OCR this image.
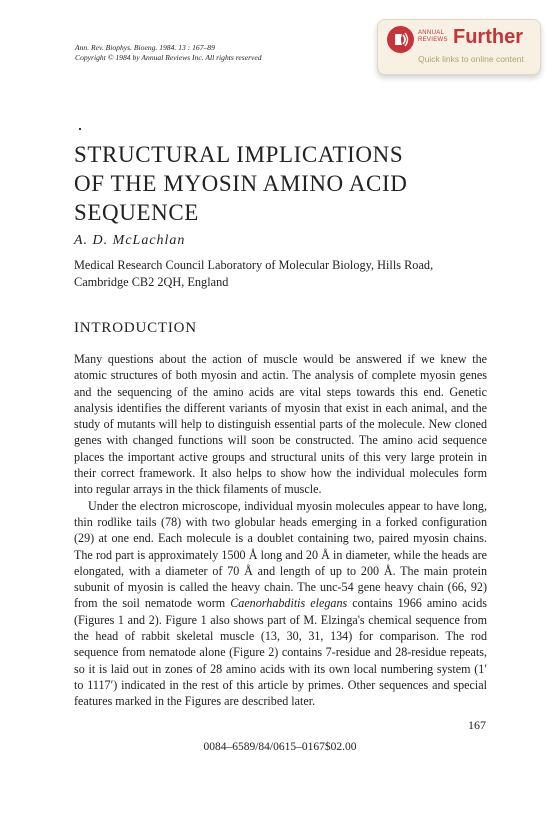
Ann. Rev. Biophys. Bioeng. 1984. 13 : 167–89
Copyright © 1984 by Annual Reviews Inc. All rights reserved
ANNUAL
REVIEWS Further
Quick links to online content
STRUCTURAL IMPLICATIONS
OF THE MYOSIN AMINO ACID
SEQUENCE
A. D. McLachlan
Medical Research Council Laboratory of Molecular Biology, Hills Road,
Cambridge CB2 2QH, England
INTRODUCTION

Many questions about the action of muscle would be answered if we knew the atomic structures of both myosin and actin. The analysis of complete myosin genes and the sequencing of the amino acids are vital steps towards this end. Genetic analysis identifies the different variants of myosin that exist in each animal, and the study of mutants will help to distinguish essential parts of the molecule. New cloned genes with changed functions will soon be constructed. The amino acid sequence places the important active groups and structural units of this very large protein in their correct framework. It also helps to show how the individual molecules form into regular arrays in the thick filaments of muscle.

Under the electron microscope, individual myosin molecules appear to have long, thin rodlike tails (78) with two globular heads emerging in a forked configuration (29) at one end. Each molecule is a doublet containing two, paired myosin chains. The rod part is approximately 1500 Å long and 20 Å in diameter, while the heads are elongated, with a diameter of 70 Å and length of up to 200 Å. The main protein subunit of myosin is called the heavy chain. The unc-54 gene heavy chain (66, 92) from the soil nematode worm Caenorhabditis elegans contains 1966 amino acids (Figures 1 and 2). Figure 1 also shows part of M. Elzinga's chemical sequence from the head of rabbit skeletal muscle (13, 30, 31, 134) for comparison. The rod sequence from nematode alone (Figure 2) contains 7-residue and 28-residue repeats, so it is laid out in zones of 28 amino acids with its own local numbering system (1′ to 1117′) indicated in the rest of this article by primes. Other sequences and special features marked in the Figures are described later.

167
0084–6589/84/0615–0167$02.00
